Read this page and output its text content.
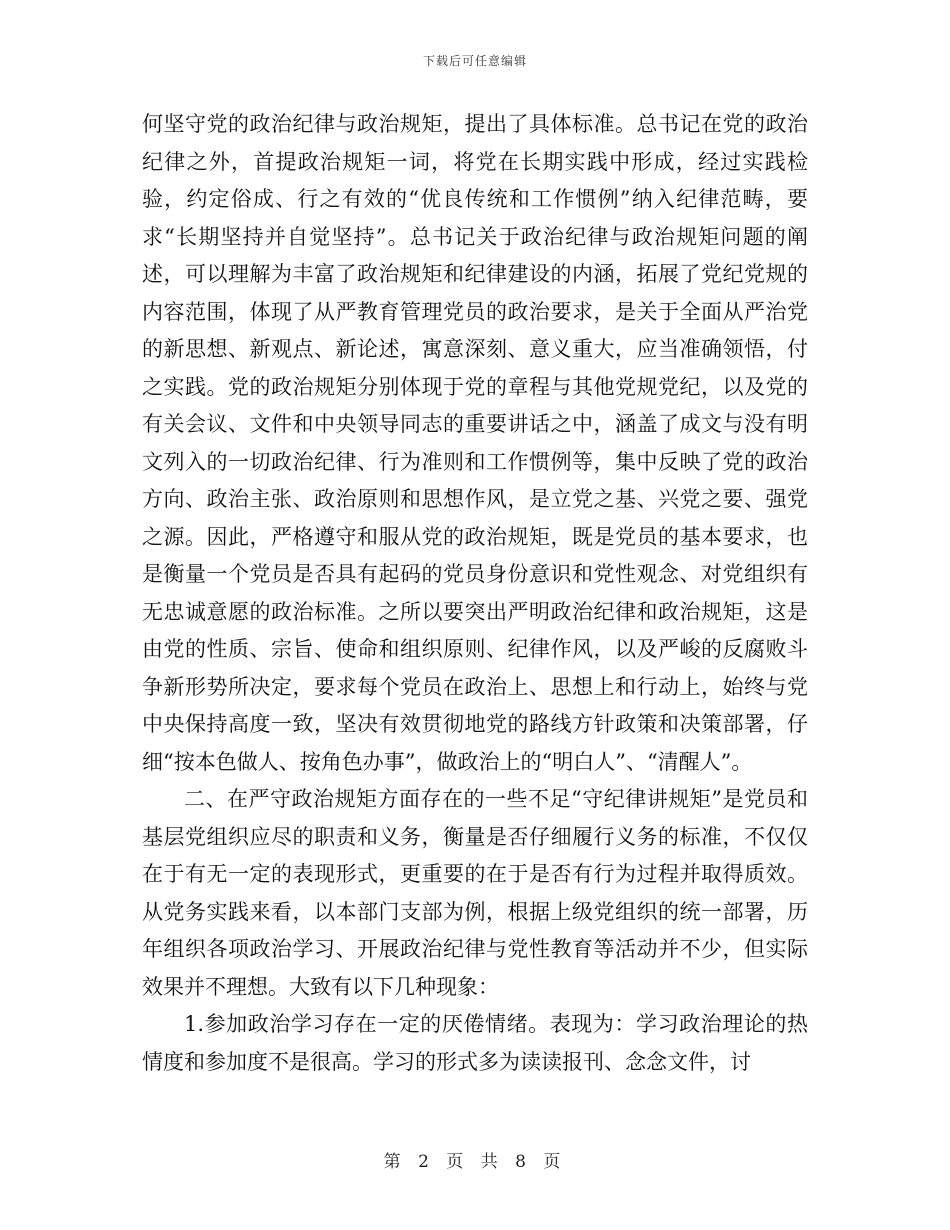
下载后可任意编辑

何坚守党的政治纪律与政治规矩，提出了具体标准。总书记在党的政治纪律之外，首提政治规矩一词，将党在长期实践中形成，经过实践检验，约定俗成、行之有效的“优良传统和工作惯例”纳入纪律范畴，要求“长期坚持并自觉坚持”。总书记关于政治纪律与政治规矩问题的阐述，可以理解为丰富了政治规矩和纪律建设的内涵，拓展了党纪党规的内容范围，体现了从严教育管理党员的政治要求，是关于全面从严治党的新思想、新观点、新论述，寓意深刻、意义重大，应当准确领悟，付之实践。党的政治规矩分别体现于党的章程与其他党规党纪，以及党的有关会议、文件和中央领导同志的重要讲话之中，涵盖了成文与没有明文列入的一切政治纪律、行为准则和工作惯例等，集中反映了党的政治方向、政治主张、政治原则和思想作风，是立党之基、兴党之要、强党之源。因此，严格遵守和服从党的政治规矩，既是党员的基本要求，也是衡量一个党员是否具有起码的党员身份意识和党性观念、对党组织有无忠诚意愿的政治标准。之所以要突出严明政治纪律和政治规矩，这是由党的性质、宗旨、使命和组织原则、纪律作风，以及严峻的反腐败斗争新形势所决定，要求每个党员在政治上、思想上和行动上，始终与党中央保持高度一致，坚决有效贯彻地党的路线方针政策和决策部署，仔细“按本色做人、按角色办事”，做政治上的“明白人”、“清醒人”。

二、在严守政治规矩方面存在的一些不足“守纪律讲规矩”是党员和基层党组织应尽的职责和义务，衡量是否仔细履行义务的标准，不仅仅在于有无一定的表现形式，更重要的在于是否有行为过程并取得质效。从党务实践来看，以本部门支部为例，根据上级党组织的统一部署，历年组织各项政治学习、开展政治纪律与党性教育等活动并不少，但实际效果并不理想。大致有以下几种现象：

1.参加政治学习存在一定的厌倦情绪。表现为：学习政治理论的热情度和参加度不是很高。学习的形式多为读读报刊、念念文件，讨

第 2 页 共 8 页
